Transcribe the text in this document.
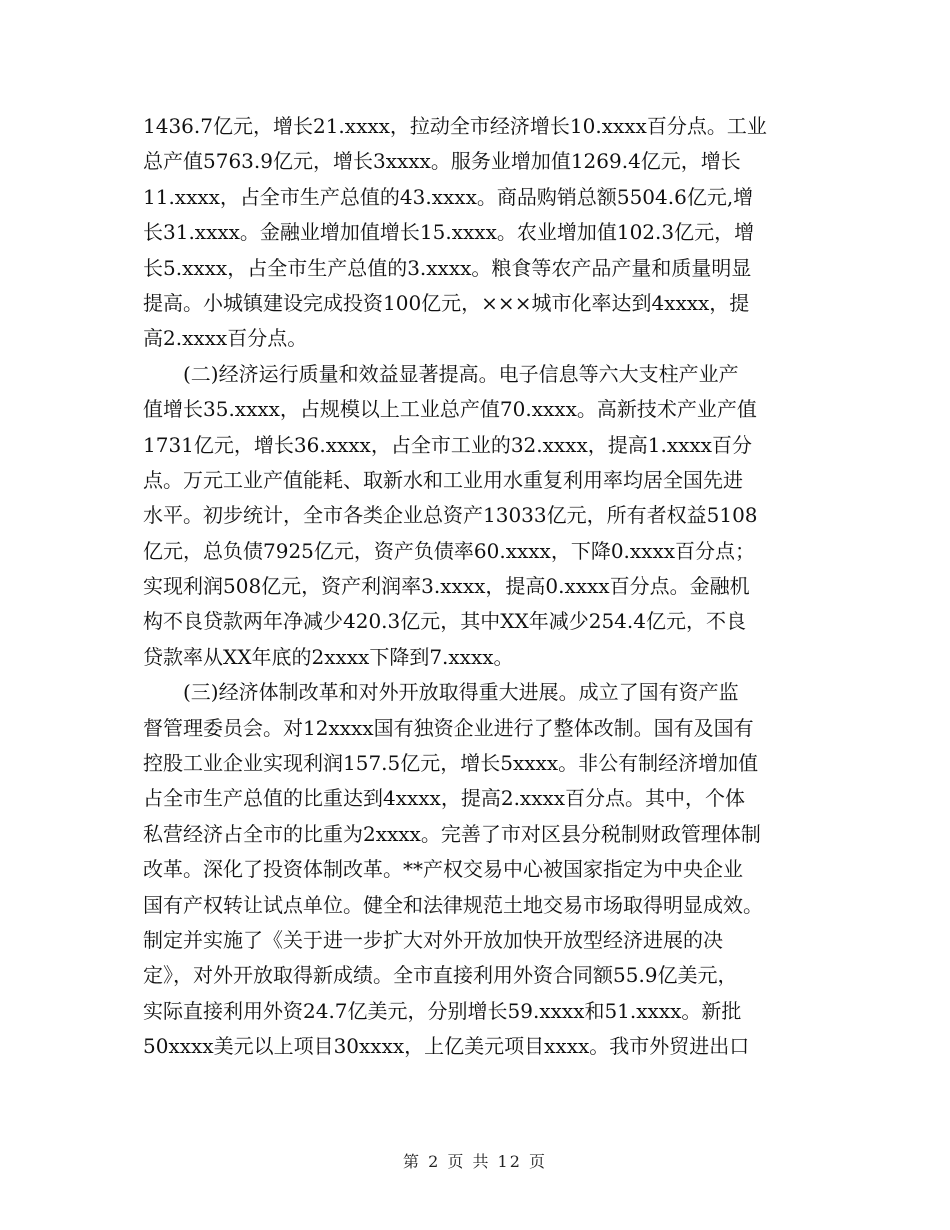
1436.7亿元，增长21.xxxx，拉动全市经济增长10.xxxx百分点。工业
总产值5763.9亿元，增长3xxxx。服务业增加值1269.4亿元，增长
11.xxxx，占全市生产总值的43.xxxx。商品购销总额5504.6亿元,增
长31.xxxx。金融业增加值增长15.xxxx。农业增加值102.3亿元，增
长5.xxxx，占全市生产总值的3.xxxx。粮食等农产品产量和质量明显
提高。小城镇建设完成投资100亿元，×××城市化率达到4xxxx，提
高2.xxxx百分点。
　　(二)经济运行质量和效益显著提高。电子信息等六大支柱产业产
值增长35.xxxx，占规模以上工业总产值70.xxxx。高新技术产业产值
1731亿元，增长36.xxxx，占全市工业的32.xxxx，提高1.xxxx百分
点。万元工业产值能耗、取新水和工业用水重复利用率均居全国先进
水平。初步统计，全市各类企业总资产13033亿元，所有者权益5108
亿元，总负债7925亿元，资产负债率60.xxxx，下降0.xxxx百分点；
实现利润508亿元，资产利润率3.xxxx，提高0.xxxx百分点。金融机
构不良贷款两年净减少420.3亿元，其中XX年减少254.4亿元，不良
贷款率从XX年底的2xxxx下降到7.xxxx。
　　(三)经济体制改革和对外开放取得重大进展。成立了国有资产监
督管理委员会。对12xxxx国有独资企业进行了整体改制。国有及国有
控股工业企业实现利润157.5亿元，增长5xxxx。非公有制经济增加值
占全市生产总值的比重达到4xxxx，提高2.xxxx百分点。其中，个体
私营经济占全市的比重为2xxxx。完善了市对区县分税制财政管理体制
改革。深化了投资体制改革。**产权交易中心被国家指定为中央企业
国有产权转让试点单位。健全和法律规范土地交易市场取得明显成效。
制定并实施了《关于进一步扩大对外开放加快开放型经济进展的决
定》，对外开放取得新成绩。全市直接利用外资合同额55.9亿美元，
实际直接利用外资24.7亿美元，分别增长59.xxxx和51.xxxx。新批
50xxxx美元以上项目30xxxx，上亿美元项目xxxx。我市外贸进出口
第 2 页 共 12 页
